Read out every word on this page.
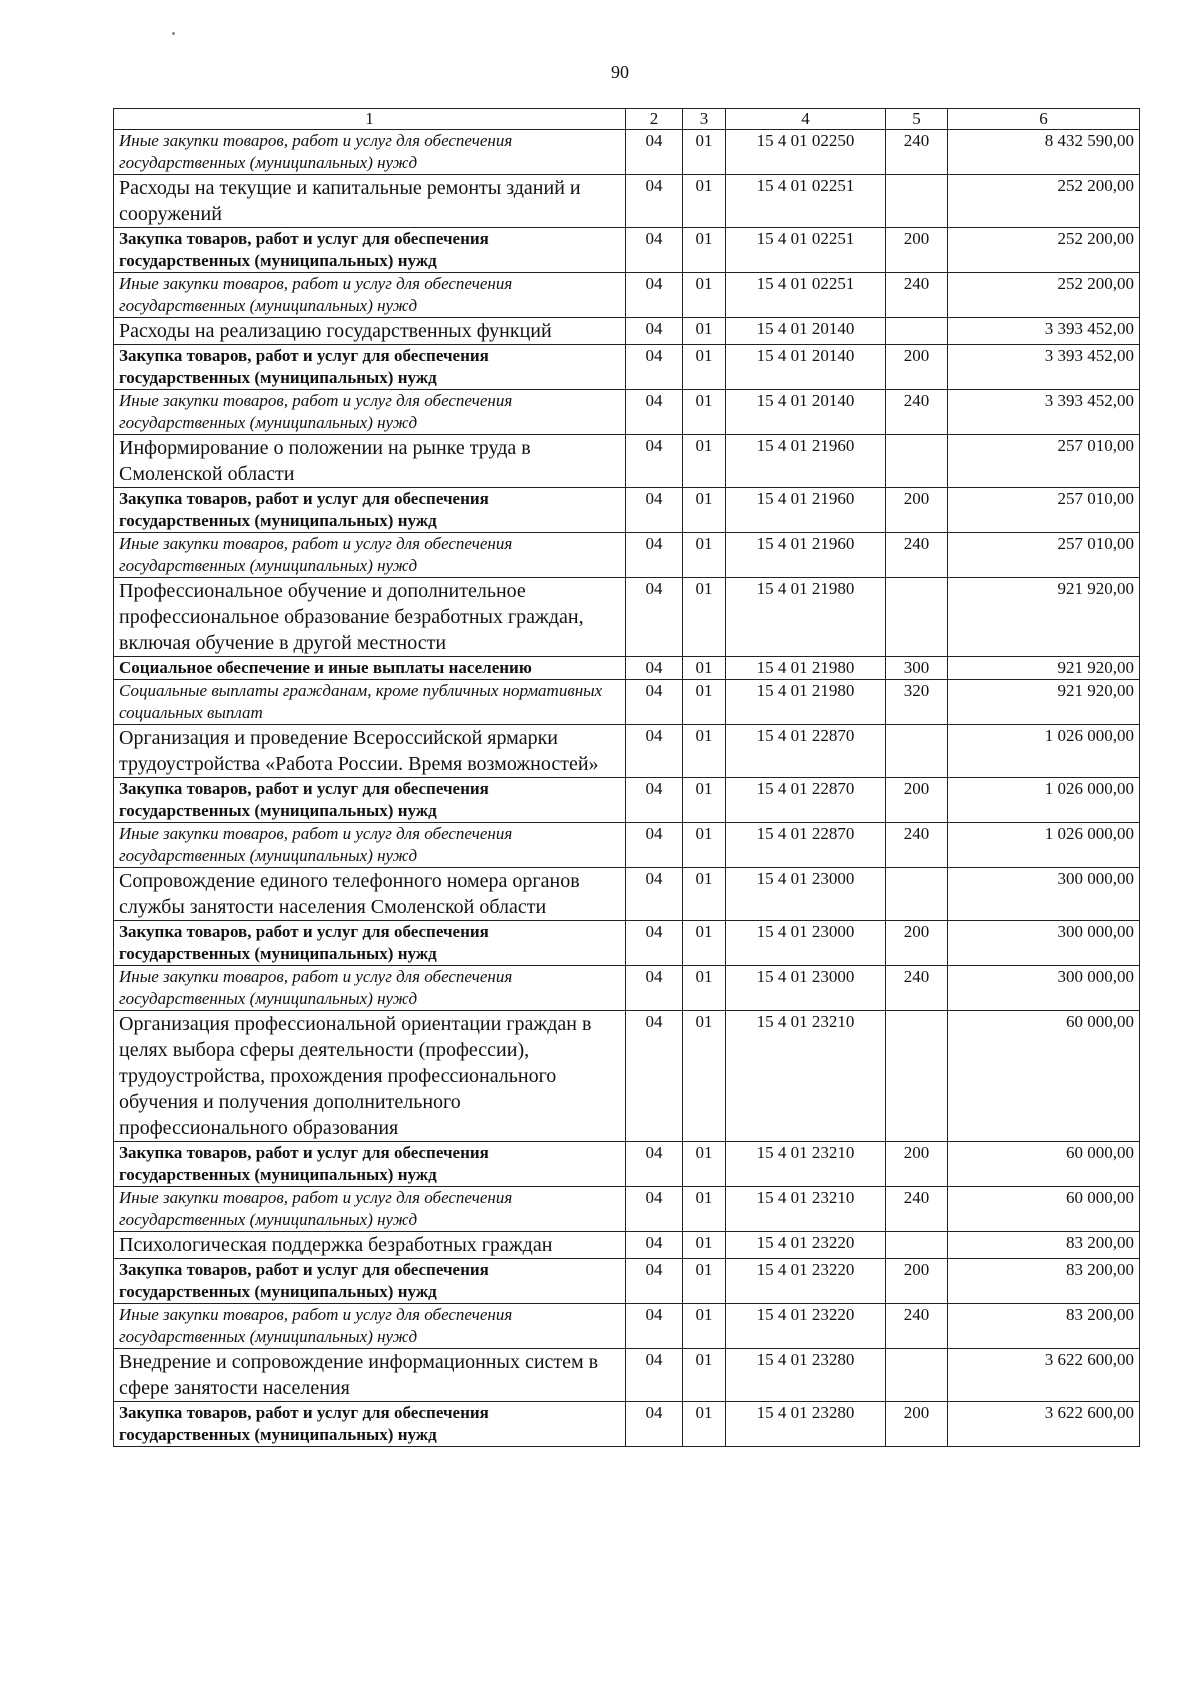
90
1	2	3	4	5	6
Иные закупки товаров, работ и услуг для обеспечения государственных (муниципальных) нужд	04	01	15 4 01 02250	240	8 432 590,00
Расходы на текущие и капитальные ремонты зданий и сооружений	04	01	15 4 01 02251		252 200,00
Закупка товаров, работ и услуг для обеспечения государственных (муниципальных) нужд	04	01	15 4 01 02251	200	252 200,00
Иные закупки товаров, работ и услуг для обеспечения государственных (муниципальных) нужд	04	01	15 4 01 02251	240	252 200,00
Расходы на реализацию государственных функций	04	01	15 4 01 20140		3 393 452,00
Закупка товаров, работ и услуг для обеспечения государственных (муниципальных) нужд	04	01	15 4 01 20140	200	3 393 452,00
Иные закупки товаров, работ и услуг для обеспечения государственных (муниципальных) нужд	04	01	15 4 01 20140	240	3 393 452,00
Информирование о положении на рынке труда в Смоленской области	04	01	15 4 01 21960		257 010,00
Закупка товаров, работ и услуг для обеспечения государственных (муниципальных) нужд	04	01	15 4 01 21960	200	257 010,00
Иные закупки товаров, работ и услуг для обеспечения государственных (муниципальных) нужд	04	01	15 4 01 21960	240	257 010,00
Профессиональное обучение и дополнительное профессиональное образование безработных граждан, включая обучение в другой местности	04	01	15 4 01 21980		921 920,00
Социальное обеспечение и иные выплаты населению	04	01	15 4 01 21980	300	921 920,00
Социальные выплаты гражданам, кроме публичных нормативных социальных выплат	04	01	15 4 01 21980	320	921 920,00
Организация и проведение Всероссийской ярмарки трудоустройства «Работа России. Время возможностей»	04	01	15 4 01 22870		1 026 000,00
Закупка товаров, работ и услуг для обеспечения государственных (муниципальных) нужд	04	01	15 4 01 22870	200	1 026 000,00
Иные закупки товаров, работ и услуг для обеспечения государственных (муниципальных) нужд	04	01	15 4 01 22870	240	1 026 000,00
Сопровождение единого телефонного номера органов службы занятости населения Смоленской области	04	01	15 4 01 23000		300 000,00
Закупка товаров, работ и услуг для обеспечения государственных (муниципальных) нужд	04	01	15 4 01 23000	200	300 000,00
Иные закупки товаров, работ и услуг для обеспечения государственных (муниципальных) нужд	04	01	15 4 01 23000	240	300 000,00
Организация профессиональной ориентации граждан в целях выбора сферы деятельности (профессии), трудоустройства, прохождения профессионального обучения и получения дополнительного профессионального образования	04	01	15 4 01 23210		60 000,00
Закупка товаров, работ и услуг для обеспечения государственных (муниципальных) нужд	04	01	15 4 01 23210	200	60 000,00
Иные закупки товаров, работ и услуг для обеспечения государственных (муниципальных) нужд	04	01	15 4 01 23210	240	60 000,00
Психологическая поддержка безработных граждан	04	01	15 4 01 23220		83 200,00
Закупка товаров, работ и услуг для обеспечения государственных (муниципальных) нужд	04	01	15 4 01 23220	200	83 200,00
Иные закупки товаров, работ и услуг для обеспечения государственных (муниципальных) нужд	04	01	15 4 01 23220	240	83 200,00
Внедрение и сопровождение информационных систем в сфере занятости населения	04	01	15 4 01 23280		3 622 600,00
Закупка товаров, работ и услуг для обеспечения государственных (муниципальных) нужд	04	01	15 4 01 23280	200	3 622 600,00
